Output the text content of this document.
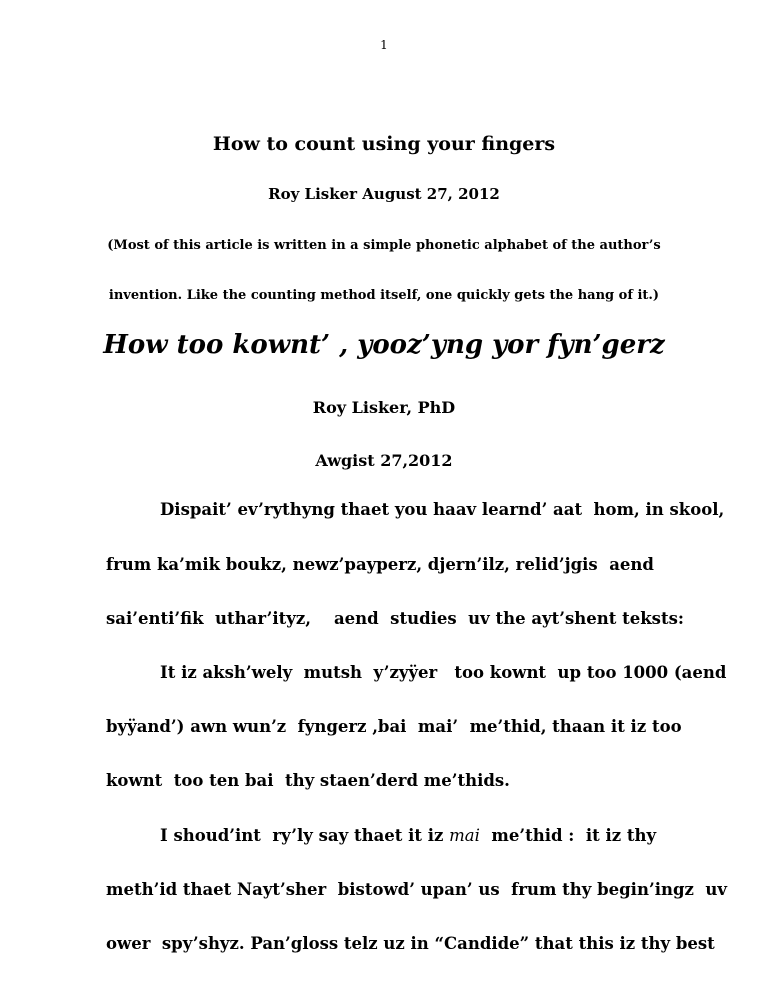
1
How to count using your fingers
Roy Lisker August 27, 2012
(Most of this article is written in a simple phonetic alphabet of the author’s
invention. Like the counting method itself, one quickly gets the hang of it.)
How too kownt’ , yooz’yng yor fyn’gerz
Roy Lisker, PhD
Awgist 27,2012
Dispait’ ev’rythyng thaet you haav learnd’ aat  hom, in skool,
frum ka’mik boukz, newz’payperz, djern’ilz, relid’jgis  aend
sai’enti’fik  uthar’ityz,    aend  studies  uv the ayt’shent teksts:
It iz aksh’wely  mutsh  y’zyÿer   too kownt  up too 1000 (aend
byÿand’) awn wun’z  fyngerz ,bai  mai’  me’thid, thaan it iz too
kownt  too ten bai  thy staen’derd me’thids.
I shoud’int  ry’ly say thaet it iz mai  me’thid :  it iz thy
meth’id thaet Nayt’sher  bistowd’ upan’ us  frum thy begin’ingz  uv
ower  spy’shyz. Pan’gloss telz uz in “Candide” that this iz thy best
